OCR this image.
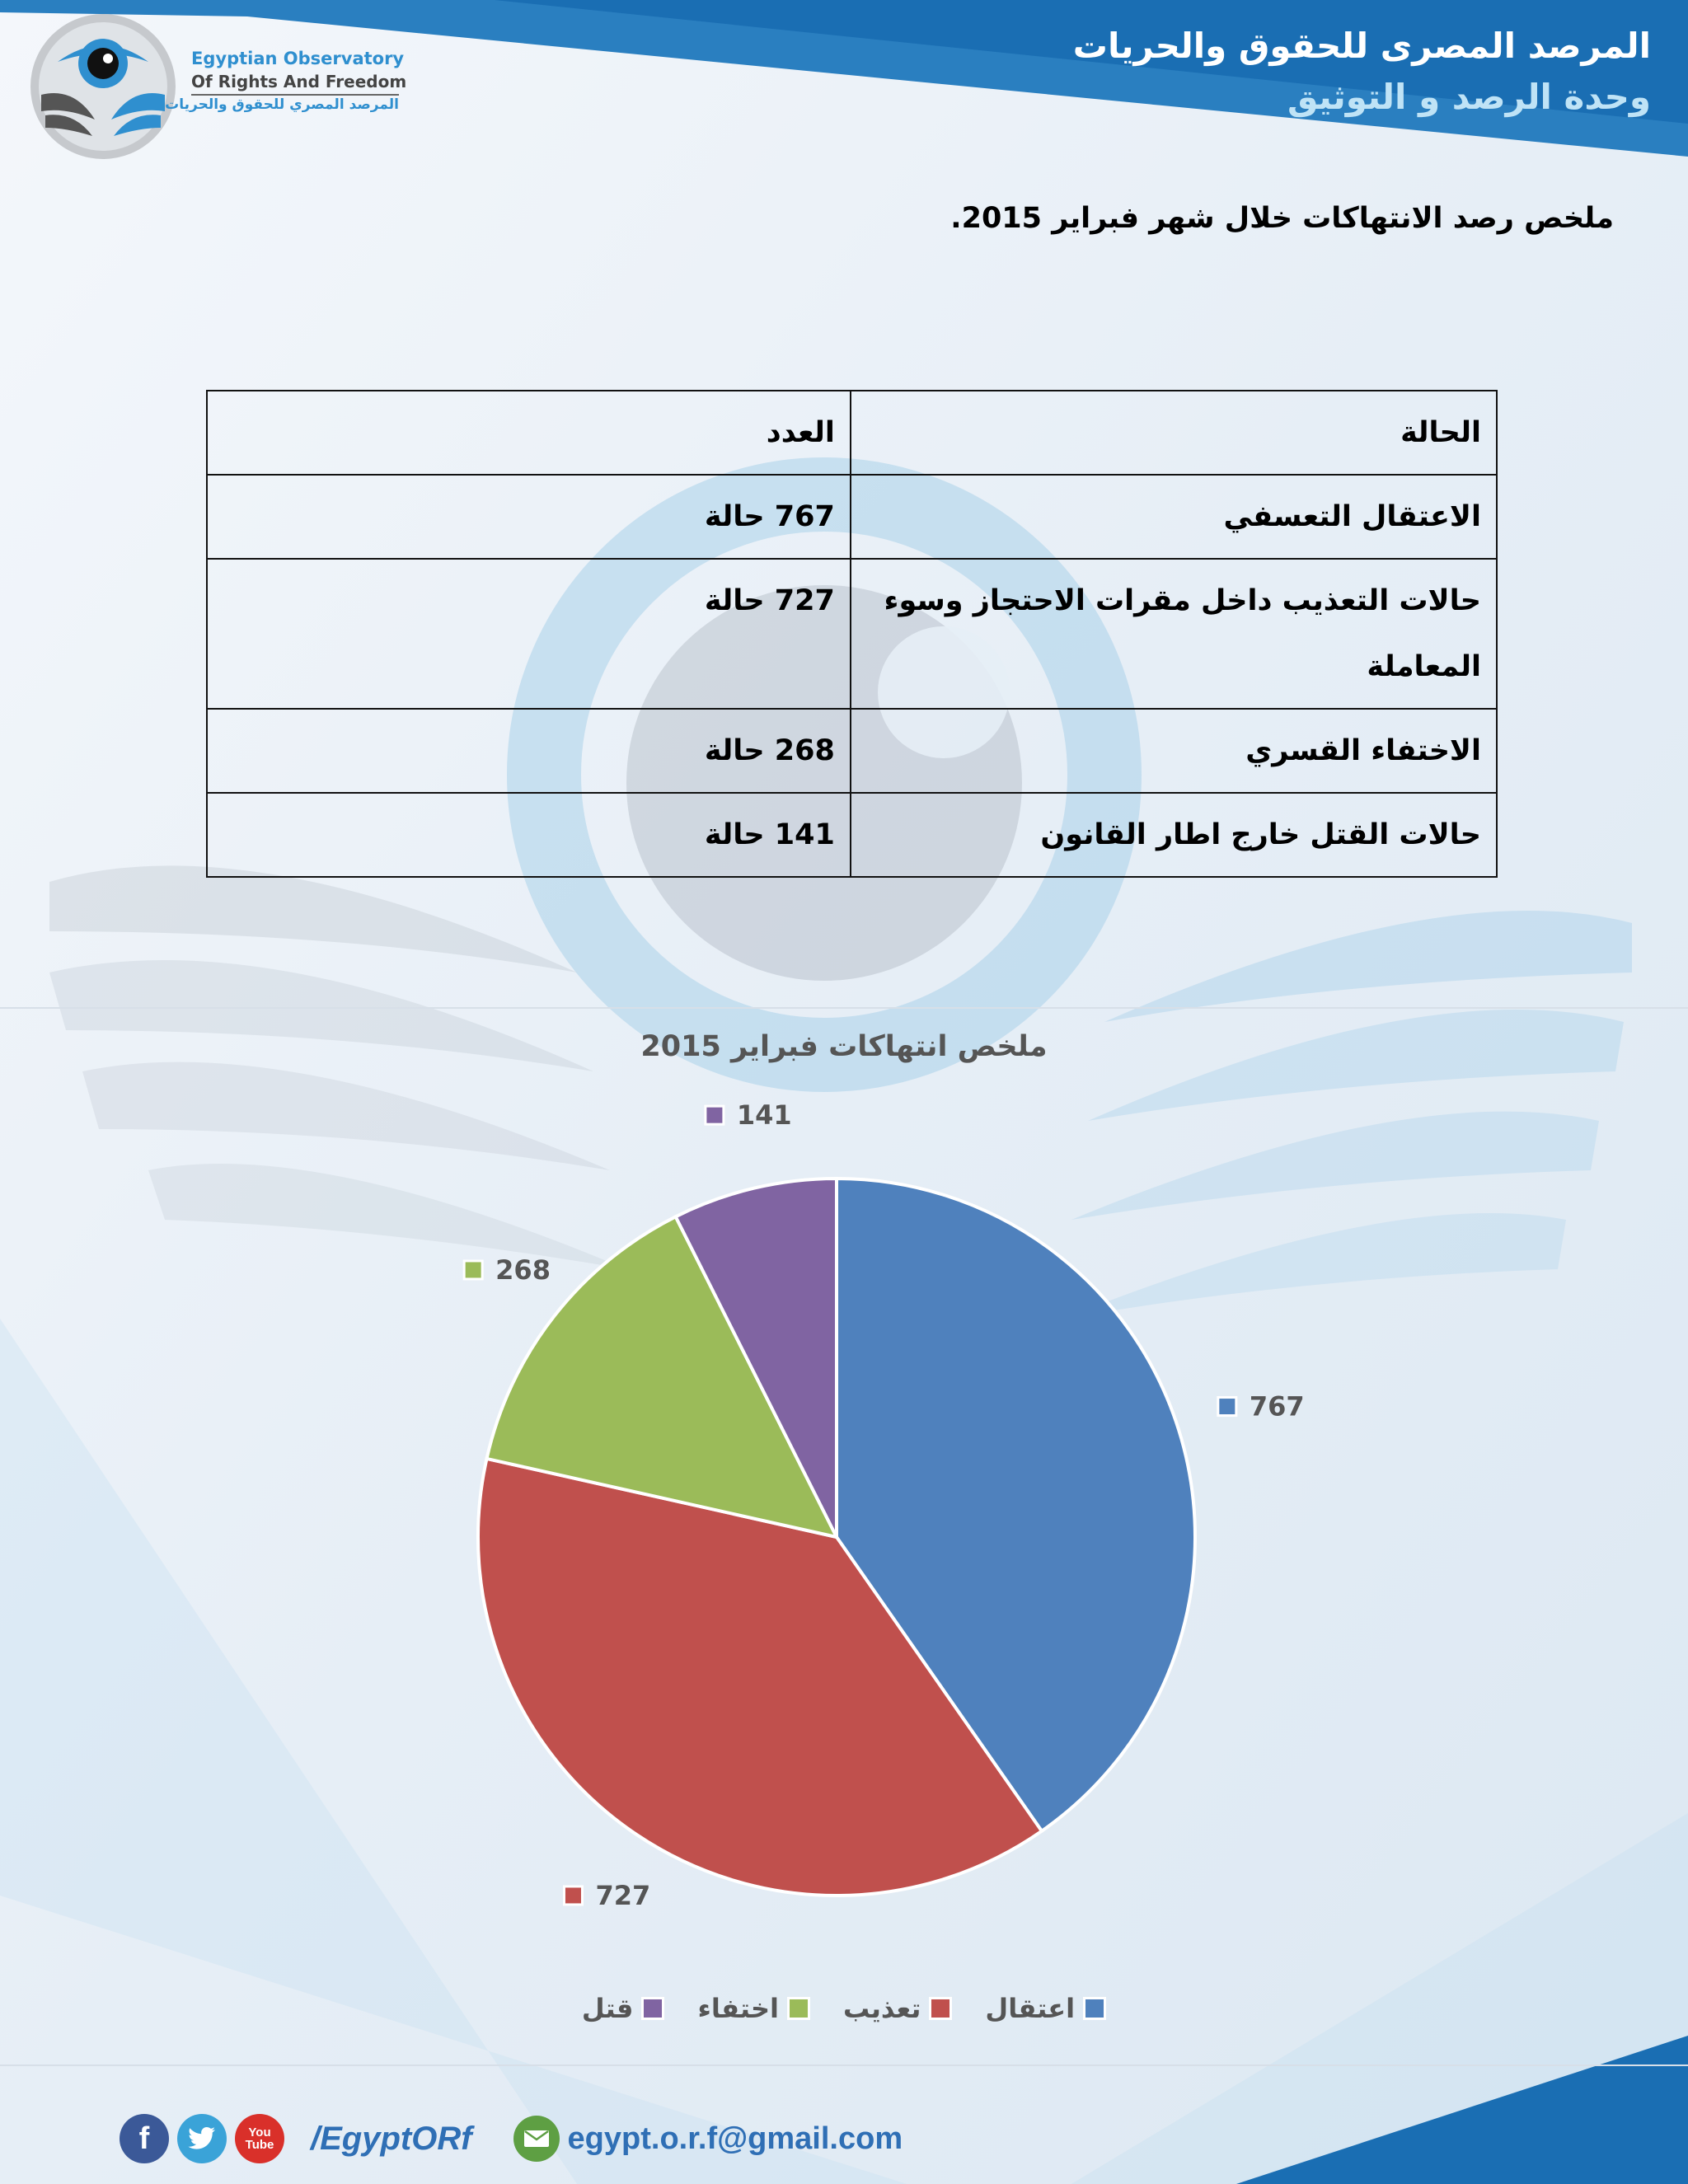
المرصد المصرى للحقوق والحريات
وحدة الرصد و التوثيق
Egyptian Observatory
Of Rights And Freedom
المرصد المصري للحقوق والحريات
ملخص رصد الانتهاكات خلال شهر فبراير 2015.
الحالة	العدد
الاعتقال التعسفي	767 حالة
حالات التعذيب داخل مقرات الاحتجاز وسوء المعاملة	727 حالة
الاختفاء القسري	268 حالة
حالات القتل خارج اطار القانون	141 حالة
ملخص انتهاكات فبراير 2015
767
727
268
141
اعتقال
تعذيب
اختفاء
قتل
f	You Tube	/EgyptORf	egypt.o.r.f@gmail.com
